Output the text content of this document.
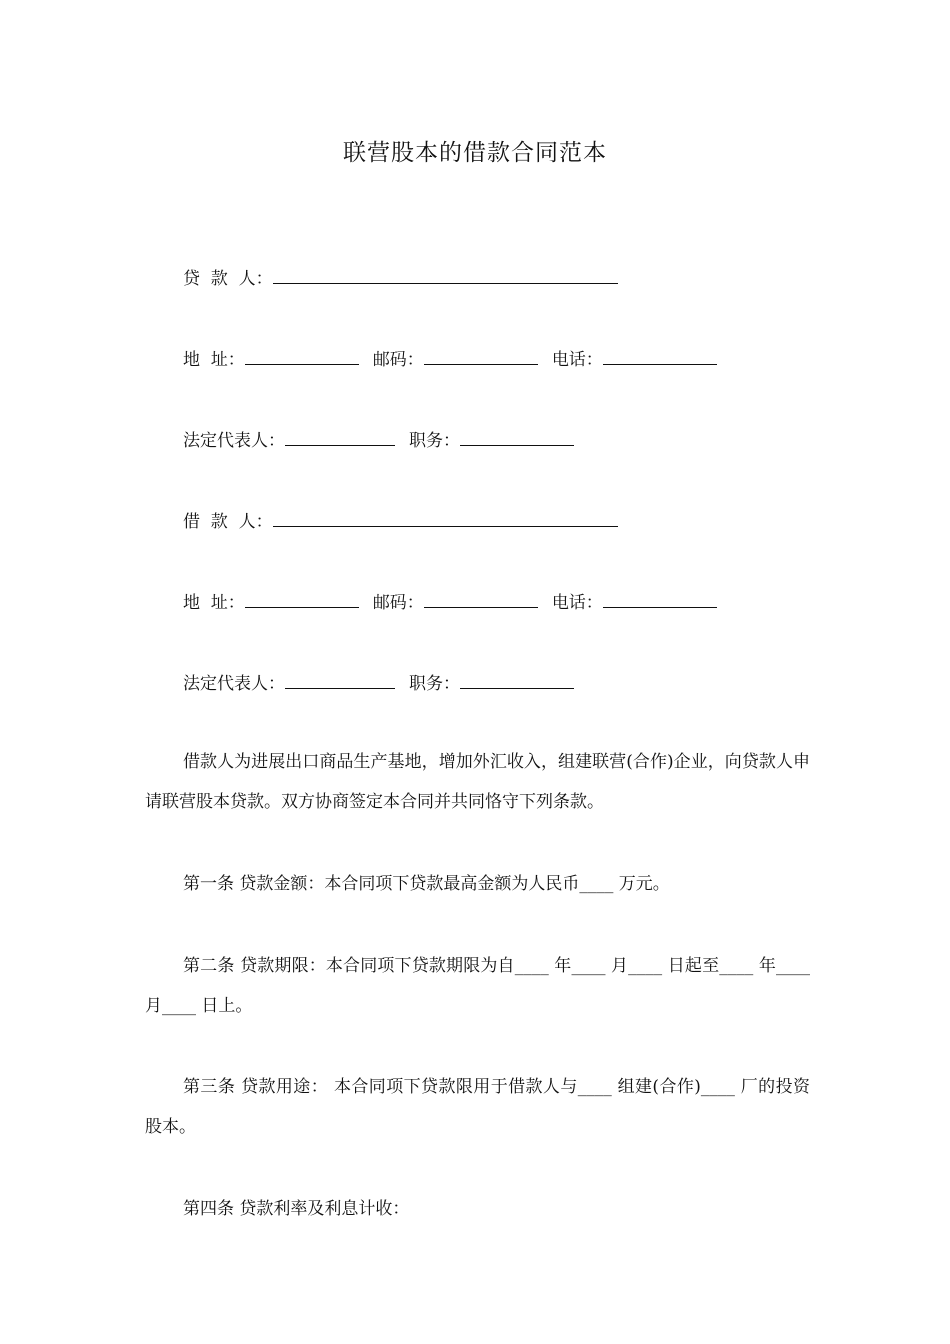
联营股本的借款合同范本
贷  款  人：
地  址：	邮码：	电话：
法定代表人：	职务：
借  款  人：
地  址：	邮码：	电话：
法定代表人：	职务：
借款人为进展出口商品生产基地，增加外汇收入，组建联营(合作)企业，向贷款人申请联营股本贷款。双方协商签定本合同并共同恪守下列条款。
第一条 贷款金额：本合同项下贷款最高金额为人民币____ 万元。
第二条 贷款期限：本合同项下贷款期限为自____ 年____ 月____ 日起至____ 年____ 月____ 日上。
第三条 贷款用途： 本合同项下贷款限用于借款人与____ 组建(合作)____ 厂的投资股本。
第四条 贷款利率及利息计收：
